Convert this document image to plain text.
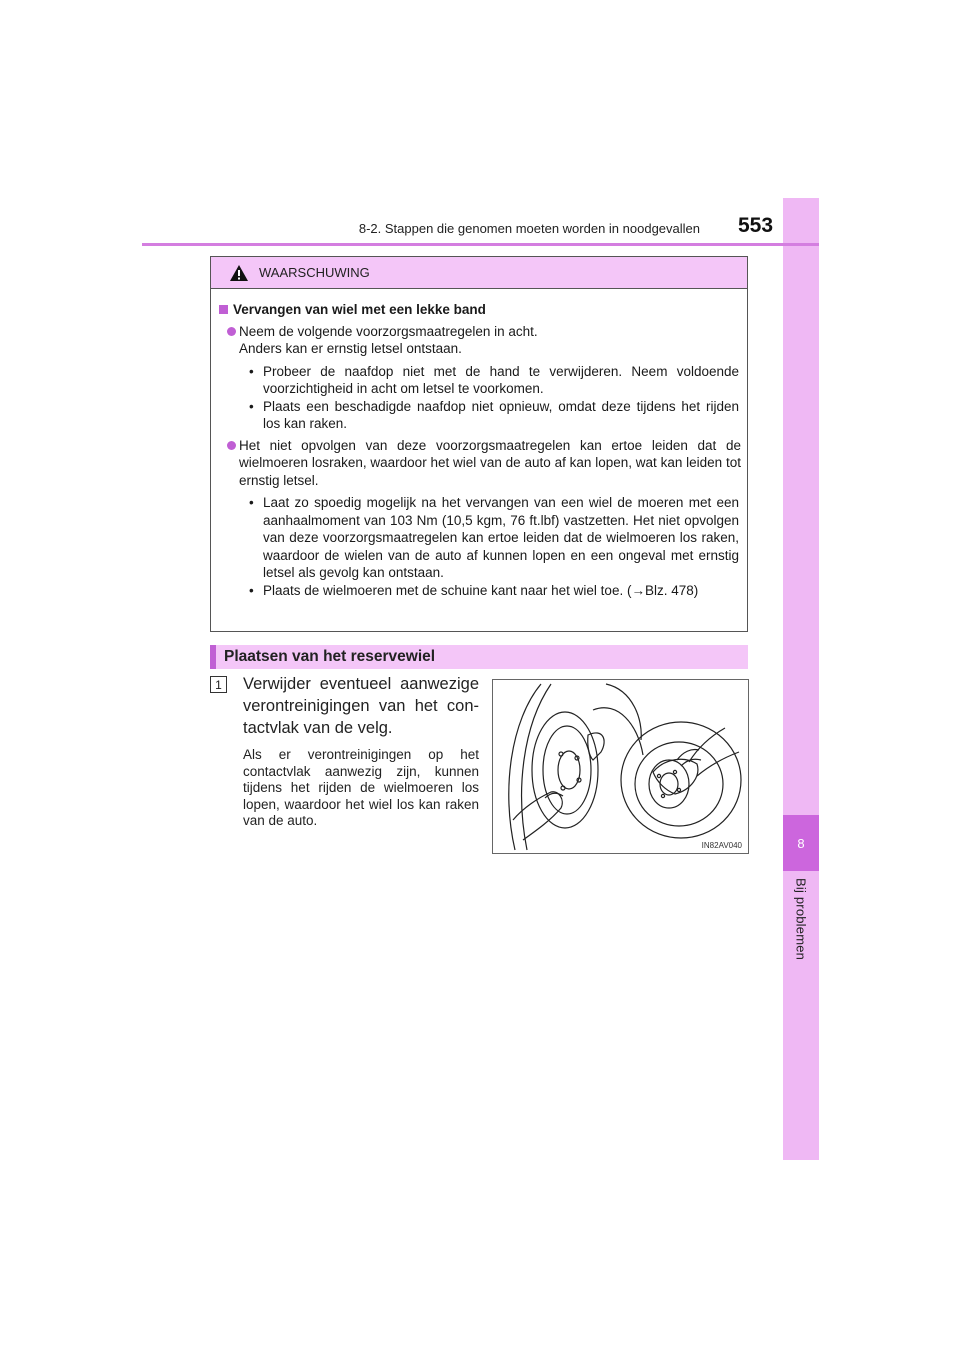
8
Bij problemen
8-2. Stappen die genomen moeten worden in noodgevallen 553
WAARSCHUWING
Vervangen van wiel met een lekke band
Neem de volgende voorzorgsmaatregelen in acht.
Anders kan er ernstig letsel ontstaan.
• Probeer de naafdop niet met de hand te verwijderen. Neem voldoende voorzichtigheid in acht om letsel te voorkomen.
• Plaats een beschadigde naafdop niet opnieuw, omdat deze tijdens het rijden los kan raken.
Het niet opvolgen van deze voorzorgsmaatregelen kan ertoe leiden dat de wielmoeren losraken, waardoor het wiel van de auto af kan lopen, wat kan leiden tot ernstig letsel.
• Laat zo spoedig mogelijk na het vervangen van een wiel de moeren met een aanhaalmoment van 103 Nm (10,5 kgm, 76 ft.lbf) vastzetten. Het niet opvolgen van deze voorzorgsmaatregelen kan ertoe leiden dat de wielmoeren los raken, waardoor de wielen van de auto af kunnen lopen en een ongeval met ernstig letsel als gevolg kan ontstaan.
• Plaats de wielmoeren met de schuine kant naar het wiel toe. (→Blz. 478)
Plaatsen van het reservewiel
1	Verwijder eventueel aanwezige verontreinigingen van het con-tactvlak van de velg.
Als er verontreinigingen op het contactvlak aanwezig zijn, kunnen tijdens het rijden de wielmoeren los lopen, waardoor het wiel los kan raken van de auto.
IN82AV040
